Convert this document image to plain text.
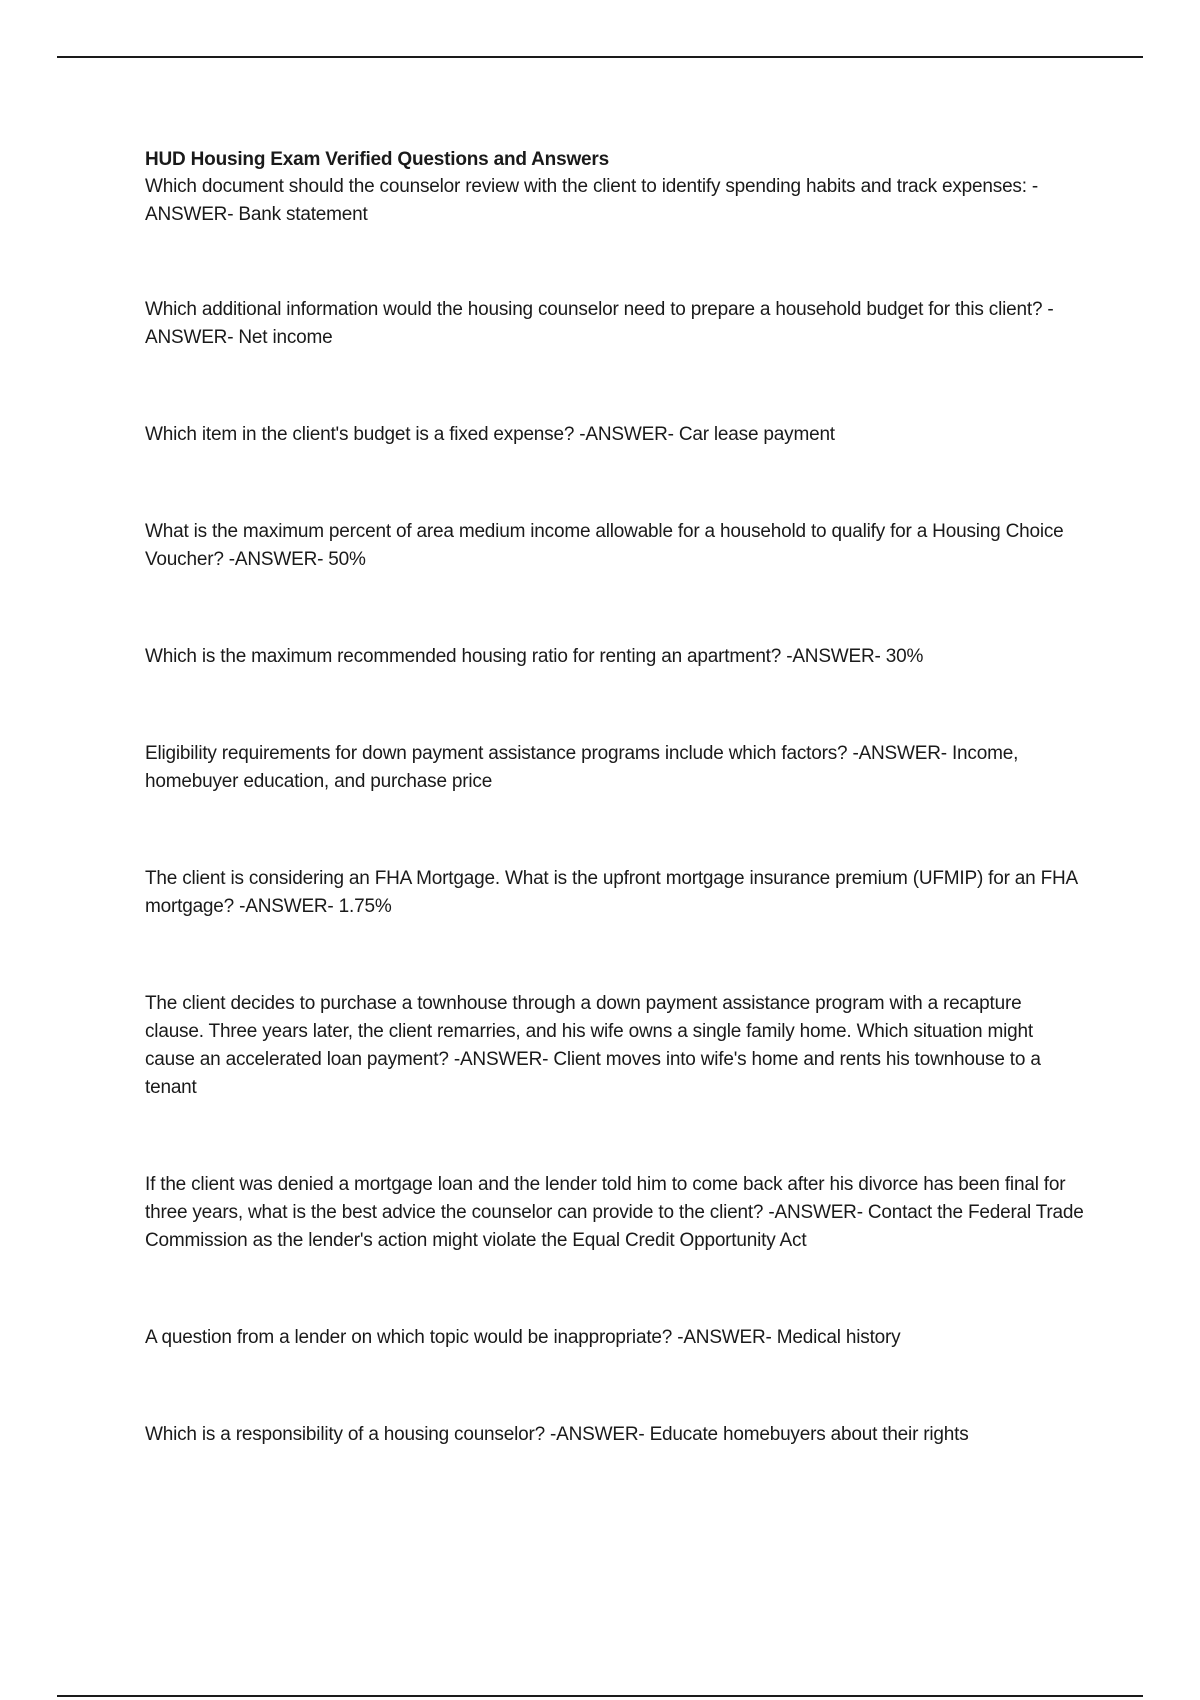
HUD Housing Exam Verified Questions and Answers
Which document should the counselor review with the client to identify spending habits and track expenses: -ANSWER- Bank statement
Which additional information would the housing counselor need to prepare a household budget for this client? -ANSWER- Net income
Which item in the client's budget is a fixed expense? -ANSWER- Car lease payment
What is the maximum percent of area medium income allowable for a household to qualify for a Housing Choice Voucher? -ANSWER- 50%
Which is the maximum recommended housing ratio for renting an apartment? -ANSWER- 30%
Eligibility requirements for down payment assistance programs include which factors? -ANSWER- Income, homebuyer education, and purchase price
The client is considering an FHA Mortgage. What is the upfront mortgage insurance premium (UFMIP) for an FHA mortgage? -ANSWER- 1.75%
The client decides to purchase a townhouse through a down payment assistance program with a recapture clause. Three years later, the client remarries, and his wife owns a single family home. Which situation might cause an accelerated loan payment? -ANSWER- Client moves into wife's home and rents his townhouse to a tenant
If the client was denied a mortgage loan and the lender told him to come back after his divorce has been final for three years, what is the best advice the counselor can provide to the client? -ANSWER- Contact the Federal Trade Commission as the lender's action might violate the Equal Credit Opportunity Act
A question from a lender on which topic would be inappropriate? -ANSWER- Medical history
Which is a responsibility of a housing counselor? -ANSWER- Educate homebuyers about their rights
